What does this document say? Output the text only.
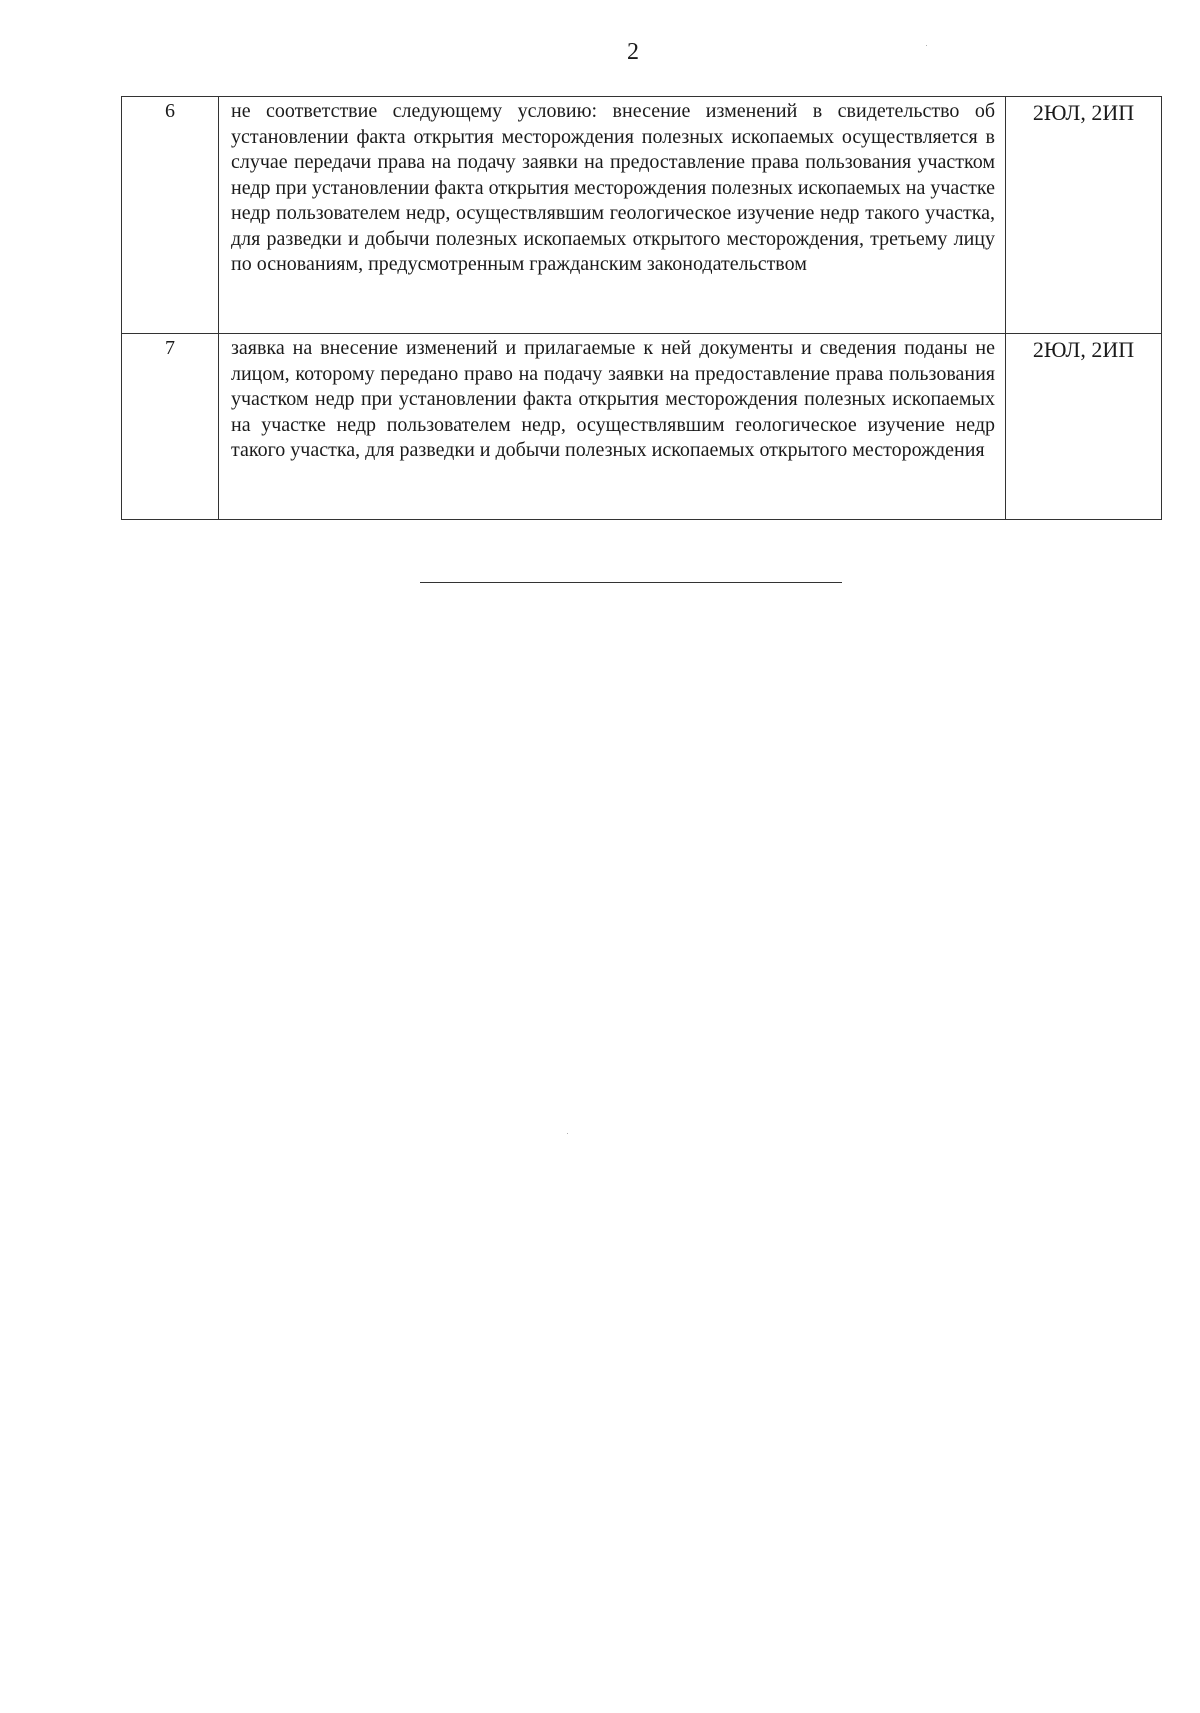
2
6	не соответствие следующему условию: внесение изменений в свидетельство об установлении факта открытия месторождения полезных ископаемых осуществляется в случае передачи права на подачу заявки на предоставление права пользования участком недр при установлении факта открытия месторождения полезных ископаемых на участке недр пользователем недр, осуществлявшим геологическое изучение недр такого участка, для разведки и добычи полезных ископаемых открытого месторождения, третьему лицу по основаниям, предусмотренным гражданским законодательством	2ЮЛ, 2ИП
7	заявка на внесение изменений и прилагаемые к ней документы и сведения поданы не лицом, которому передано право на подачу заявки на предоставление права пользования участком недр при установлении факта открытия месторождения полезных ископаемых на участке недр пользователем недр, осуществлявшим геологическое изучение недр такого участка, для разведки и добычи полезных ископаемых открытого месторождения	2ЮЛ, 2ИП
